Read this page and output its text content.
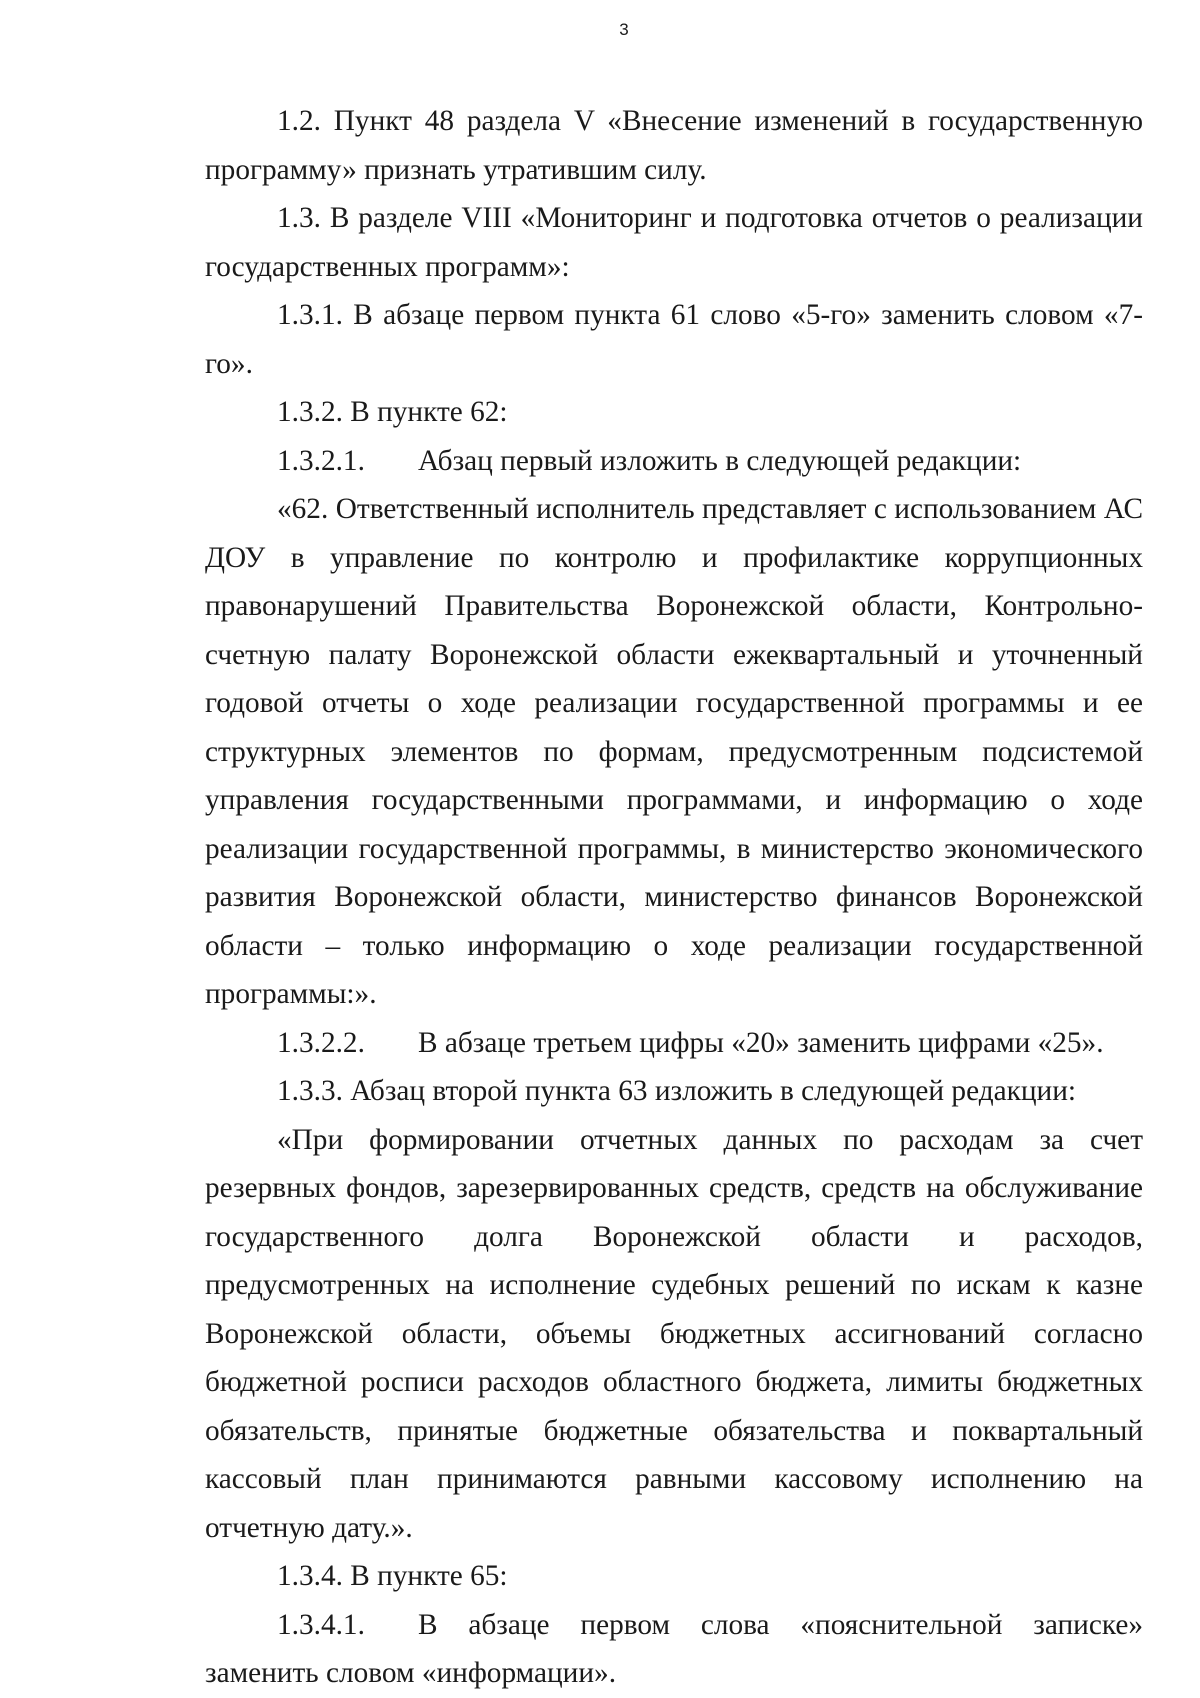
3

1.2. Пункт 48 раздела V «Внесение изменений в государственную программу» признать утратившим силу.

1.3. В разделе VIII «Мониторинг и подготовка отчетов о реализации государственных программ»:

1.3.1. В абзаце первом пункта 61 слово «5-го» заменить словом «7-го».

1.3.2. В пункте 62:

1.3.2.1. Абзац первый изложить в следующей редакции:

«62. Ответственный исполнитель представляет с использованием АС ДОУ в управление по контролю и профилактике коррупционных правонарушений Правительства Воронежской области, Контрольно-счетную палату Воронежской области ежеквартальный и уточненный годовой отчеты о ходе реализации государственной программы и ее структурных элементов по формам, предусмотренным подсистемой управления государственными программами, и информацию о ходе реализации государственной программы, в министерство экономического развития Воронежской области, министерство финансов Воронежской области – только информацию о ходе реализации государственной программы:».

1.3.2.2. В абзаце третьем цифры «20» заменить цифрами «25».

1.3.3. Абзац второй пункта 63 изложить в следующей редакции:

«При формировании отчетных данных по расходам за счет резервных фондов, зарезервированных средств, средств на обслуживание государственного долга Воронежской области и расходов, предусмотренных на исполнение судебных решений по искам к казне Воронежской области, объемы бюджетных ассигнований согласно бюджетной росписи расходов областного бюджета, лимиты бюджетных обязательств, принятые бюджетные обязательства и поквартальный кассовый план принимаются равными кассовому исполнению на отчетную дату.».

1.3.4. В пункте 65:

1.3.4.1. В абзаце первом слова «пояснительной записке» заменить словом «информации».
